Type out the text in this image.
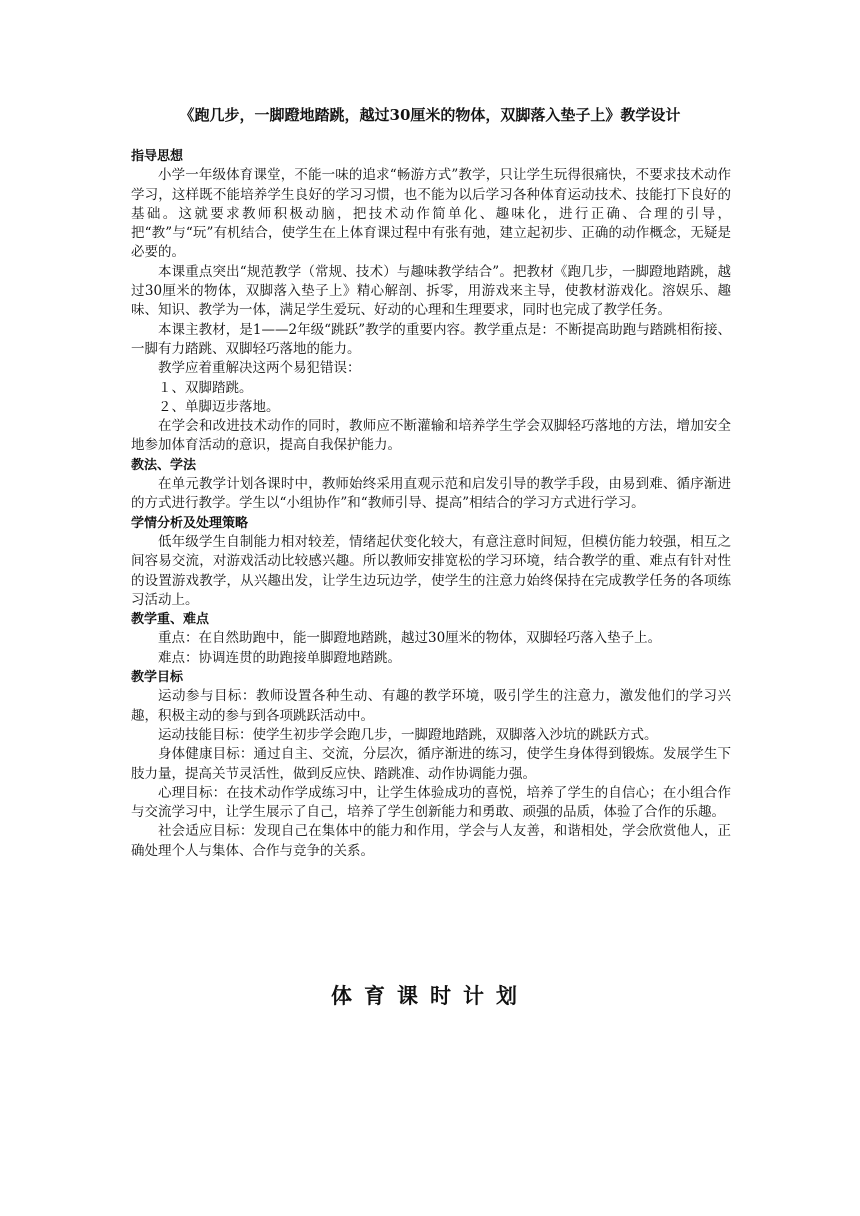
《跑几步，一脚蹬地踏跳，越过30厘米的物体，双脚落入垫子上》教学设计
指导思想

小学一年级体育课堂，不能一味的追求“畅游方式”教学，只让学生玩得很痛快，不要求技术动作学习，这样既不能培养学生良好的学习习惯，也不能为以后学习各种体育运动技术、技能打下良好的基础。这就要求教师积极动脑，把技术动作简单化、趣味化，进行正确、合理的引导，把“教”与“玩”有机结合，使学生在上体育课过程中有张有弛，建立起初步、正确的动作概念，无疑是必要的。

本课重点突出“规范教学（常规、技术）与趣味教学结合”。把教材《跑几步，一脚蹬地踏跳，越过30厘米的物体，双脚落入垫子上》精心解剖、拆零，用游戏来主导，使教材游戏化。溶娱乐、趣味、知识、教学为一体，满足学生爱玩、好动的心理和生理要求，同时也完成了教学任务。

本课主教材，是1——2年级“跳跃”教学的重要内容。教学重点是：不断提高助跑与踏跳相衔接、一脚有力踏跳、双脚轻巧落地的能力。

教学应着重解决这两个易犯错误：

１、双脚踏跳。

２、单脚迈步落地。

在学会和改进技术动作的同时，教师应不断灌输和培养学生学会双脚轻巧落地的方法，增加安全地参加体育活动的意识，提高自我保护能力。

教法、学法

在单元教学计划各课时中，教师始终采用直观示范和启发引导的教学手段，由易到难、循序渐进的方式进行教学。学生以“小组协作”和“教师引导、提高”相结合的学习方式进行学习。

学情分析及处理策略

低年级学生自制能力相对较差，情绪起伏变化较大，有意注意时间短，但模仿能力较强，相互之间容易交流，对游戏活动比较感兴趣。所以教师安排宽松的学习环境，结合教学的重、难点有针对性的设置游戏教学，从兴趣出发，让学生边玩边学，使学生的注意力始终保持在完成教学任务的各项练习活动上。

教学重、难点

重点：在自然助跑中，能一脚蹬地踏跳，越过30厘米的物体，双脚轻巧落入垫子上。

难点：协调连贯的助跑接单脚蹬地踏跳。

教学目标

运动参与目标：教师设置各种生动、有趣的教学环境，吸引学生的注意力，激发他们的学习兴趣，积极主动的参与到各项跳跃活动中。

运动技能目标：使学生初步学会跑几步，一脚蹬地踏跳，双脚落入沙坑的跳跃方式。

身体健康目标：通过自主、交流，分层次，循序渐进的练习，使学生身体得到锻炼。发展学生下肢力量，提高关节灵活性，做到反应快、踏跳准、动作协调能力强。

心理目标：在技术动作学成练习中，让学生体验成功的喜悦，培养了学生的自信心；在小组合作与交流学习中，让学生展示了自己，培养了学生创新能力和勇敢、顽强的品质，体验了合作的乐趣。

社会适应目标：发现自己在集体中的能力和作用，学会与人友善，和谐相处，学会欣赏他人，正确处理个人与集体、合作与竞争的关系。

体育课时计划
